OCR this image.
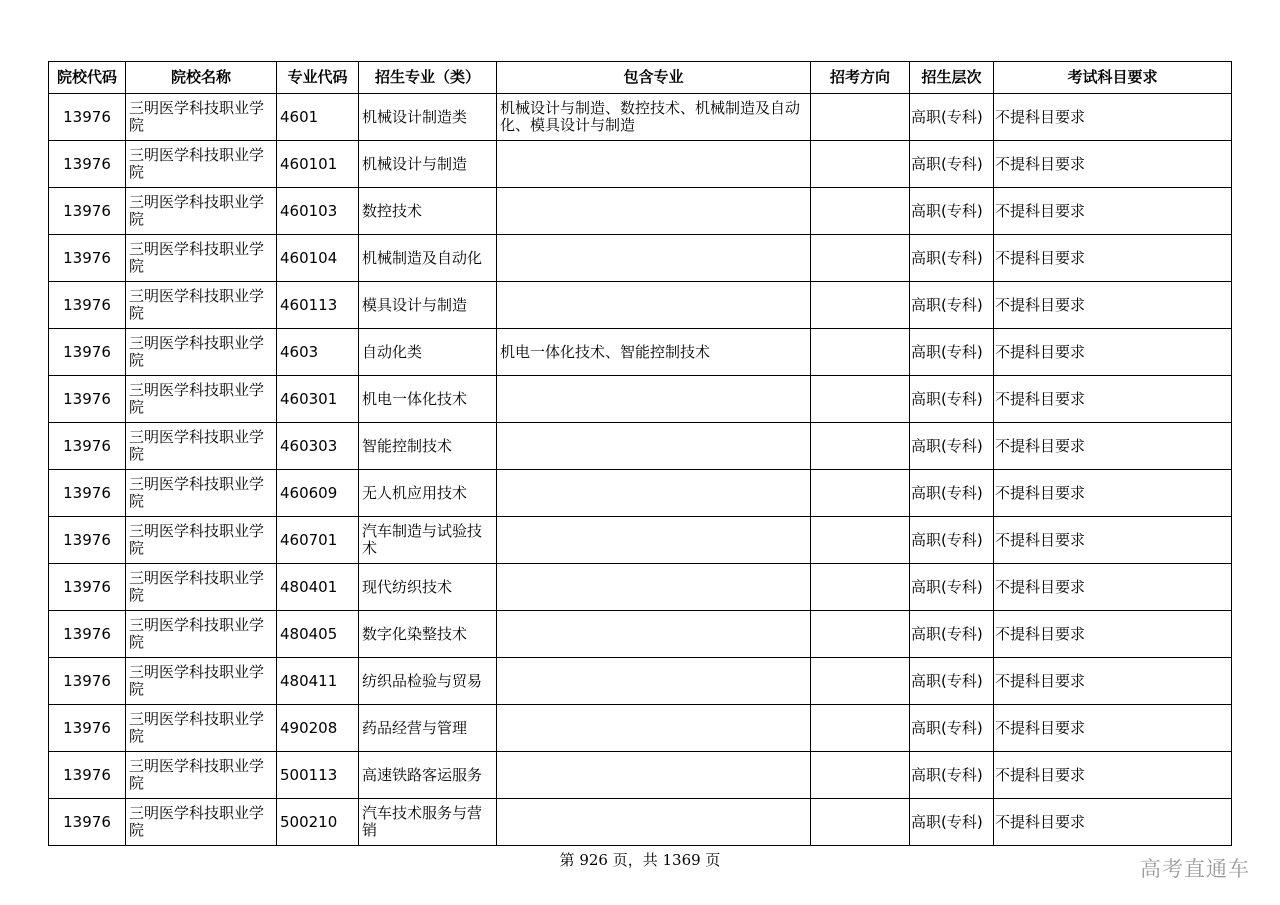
院校代码	院校名称	专业代码	招生专业（类）	包含专业	招考方向	招生层次	考试科目要求
13976	三明医学科技职业学院	4601	机械设计制造类	机械设计与制造、数控技术、机械制造及自动化、模具设计与制造		高职(专科)	不提科目要求
13976	三明医学科技职业学院	460101	机械设计与制造			高职(专科)	不提科目要求
13976	三明医学科技职业学院	460103	数控技术			高职(专科)	不提科目要求
13976	三明医学科技职业学院	460104	机械制造及自动化			高职(专科)	不提科目要求
13976	三明医学科技职业学院	460113	模具设计与制造			高职(专科)	不提科目要求
13976	三明医学科技职业学院	4603	自动化类	机电一体化技术、智能控制技术		高职(专科)	不提科目要求
13976	三明医学科技职业学院	460301	机电一体化技术			高职(专科)	不提科目要求
13976	三明医学科技职业学院	460303	智能控制技术			高职(专科)	不提科目要求
13976	三明医学科技职业学院	460609	无人机应用技术			高职(专科)	不提科目要求
13976	三明医学科技职业学院	460701	汽车制造与试验技术			高职(专科)	不提科目要求
13976	三明医学科技职业学院	480401	现代纺织技术			高职(专科)	不提科目要求
13976	三明医学科技职业学院	480405	数字化染整技术			高职(专科)	不提科目要求
13976	三明医学科技职业学院	480411	纺织品检验与贸易			高职(专科)	不提科目要求
13976	三明医学科技职业学院	490208	药品经营与管理			高职(专科)	不提科目要求
13976	三明医学科技职业学院	500113	高速铁路客运服务			高职(专科)	不提科目要求
13976	三明医学科技职业学院	500210	汽车技术服务与营销			高职(专科)	不提科目要求
第 926 页，共 1369 页	高考直通车
